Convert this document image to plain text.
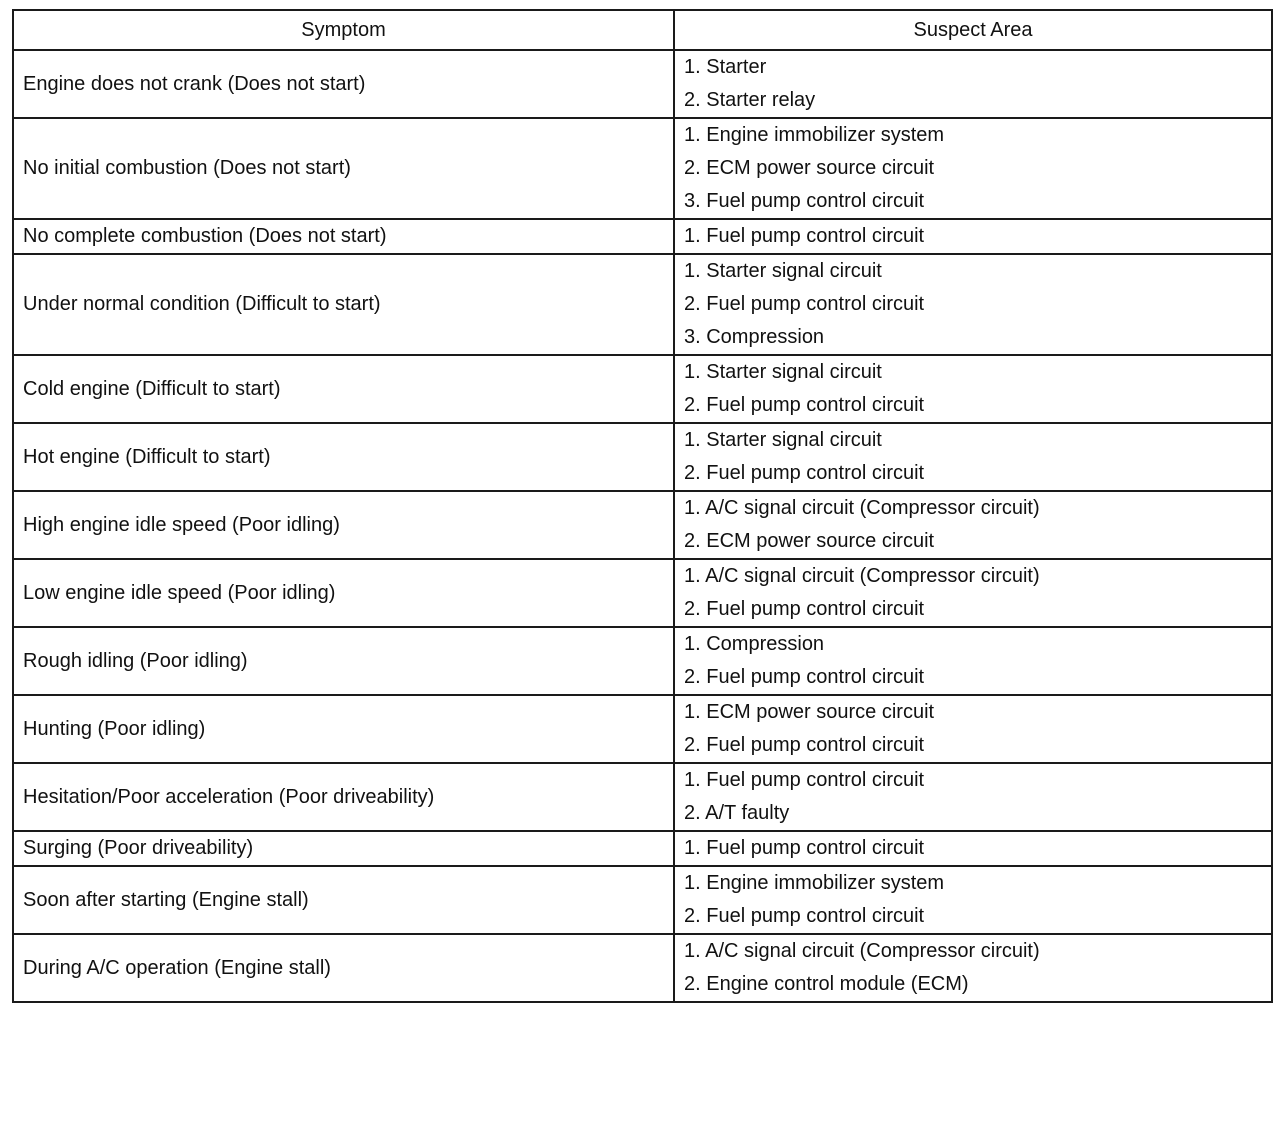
Symptom	Suspect Area
Engine does not crank (Does not start)	1. Starter
2. Starter relay

No initial combustion (Does not start)	1. Engine immobilizer system
2. ECM power source circuit
3. Fuel pump control circuit

No complete combustion (Does not start)	1. Fuel pump control circuit

Under normal condition (Difficult to start)	1. Starter signal circuit
2. Fuel pump control circuit
3. Compression

Cold engine (Difficult to start)	1. Starter signal circuit
2. Fuel pump control circuit

Hot engine (Difficult to start)	1. Starter signal circuit
2. Fuel pump control circuit

High engine idle speed (Poor idling)	1. A/C signal circuit (Compressor circuit)
2. ECM power source circuit

Low engine idle speed (Poor idling)	1. A/C signal circuit (Compressor circuit)
2. Fuel pump control circuit

Rough idling (Poor idling)	1. Compression
2. Fuel pump control circuit

Hunting (Poor idling)	1. ECM power source circuit
2. Fuel pump control circuit

Hesitation/Poor acceleration (Poor driveability)	1. Fuel pump control circuit
2. A/T faulty

Surging (Poor driveability)	1. Fuel pump control circuit

Soon after starting (Engine stall)	1. Engine immobilizer system
2. Fuel pump control circuit

During A/C operation (Engine stall)	1. A/C signal circuit (Compressor circuit)
2. Engine control module (ECM)
